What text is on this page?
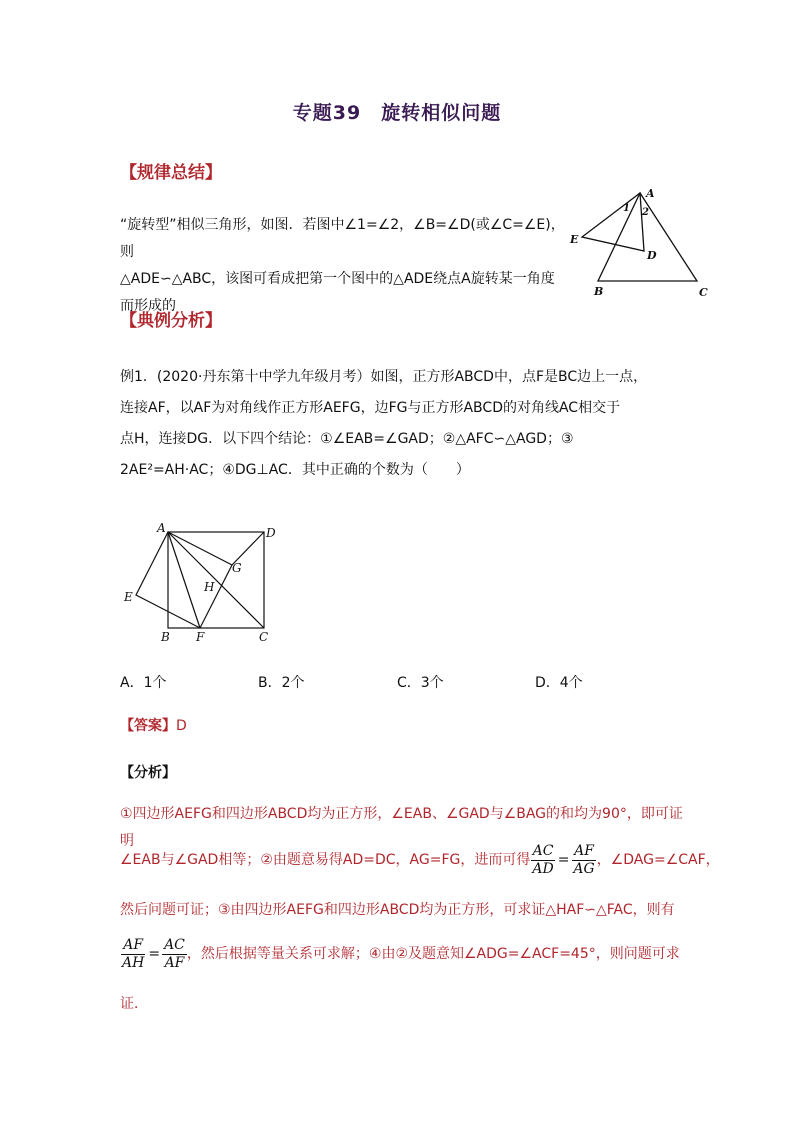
专题39　旋转相似问题
【规律总结】
“旋转型”相似三角形，如图．若图中∠1=∠2，∠B=∠D(或∠C=∠E)，则
△ADE∽△ABC，该图可看成把第一个图中的△ADE绕点A旋转某一角度
而形成的
A
B	C
D
E
1 2
【典例分析】
例1．(2020·丹东第十中学九年级月考）如图，正方形ABCD中，点F是BC边上一点，
连接AF，以AF为对角线作正方形AEFG，边FG与正方形ABCD的对角线AC相交于
点H，连接DG．以下四个结论：①∠EAB=∠GAD；②△AFC∽△AGD；③
2AE²=AH·AC；④DG⊥AC．其中正确的个数为（　　）
A	D
B F	C
E
G
H
A．1个	B．2个	C．3个	D．4个
【答案】D
【分析】
①四边形AEFG和四边形ABCD均为正方形，∠EAB、∠GAD与∠BAG的和均为90°，即可证明
∠EAB与∠GAD相等；②由题意易得AD=DC，AG=FG，进而可得 $\frac{AC}{AD} = \frac{AF}{AG}$ ，∠DAG=∠CAF，
然后问题可证；③由四边形AEFG和四边形ABCD均为正方形，可求证△HAF∽△FAC，则有
$\frac{AF}{AH} = \frac{AC}{AF}$ ，然后根据等量关系可求解；④由②及题意知∠ADG=∠ACF=45°，则问题可求
证．
